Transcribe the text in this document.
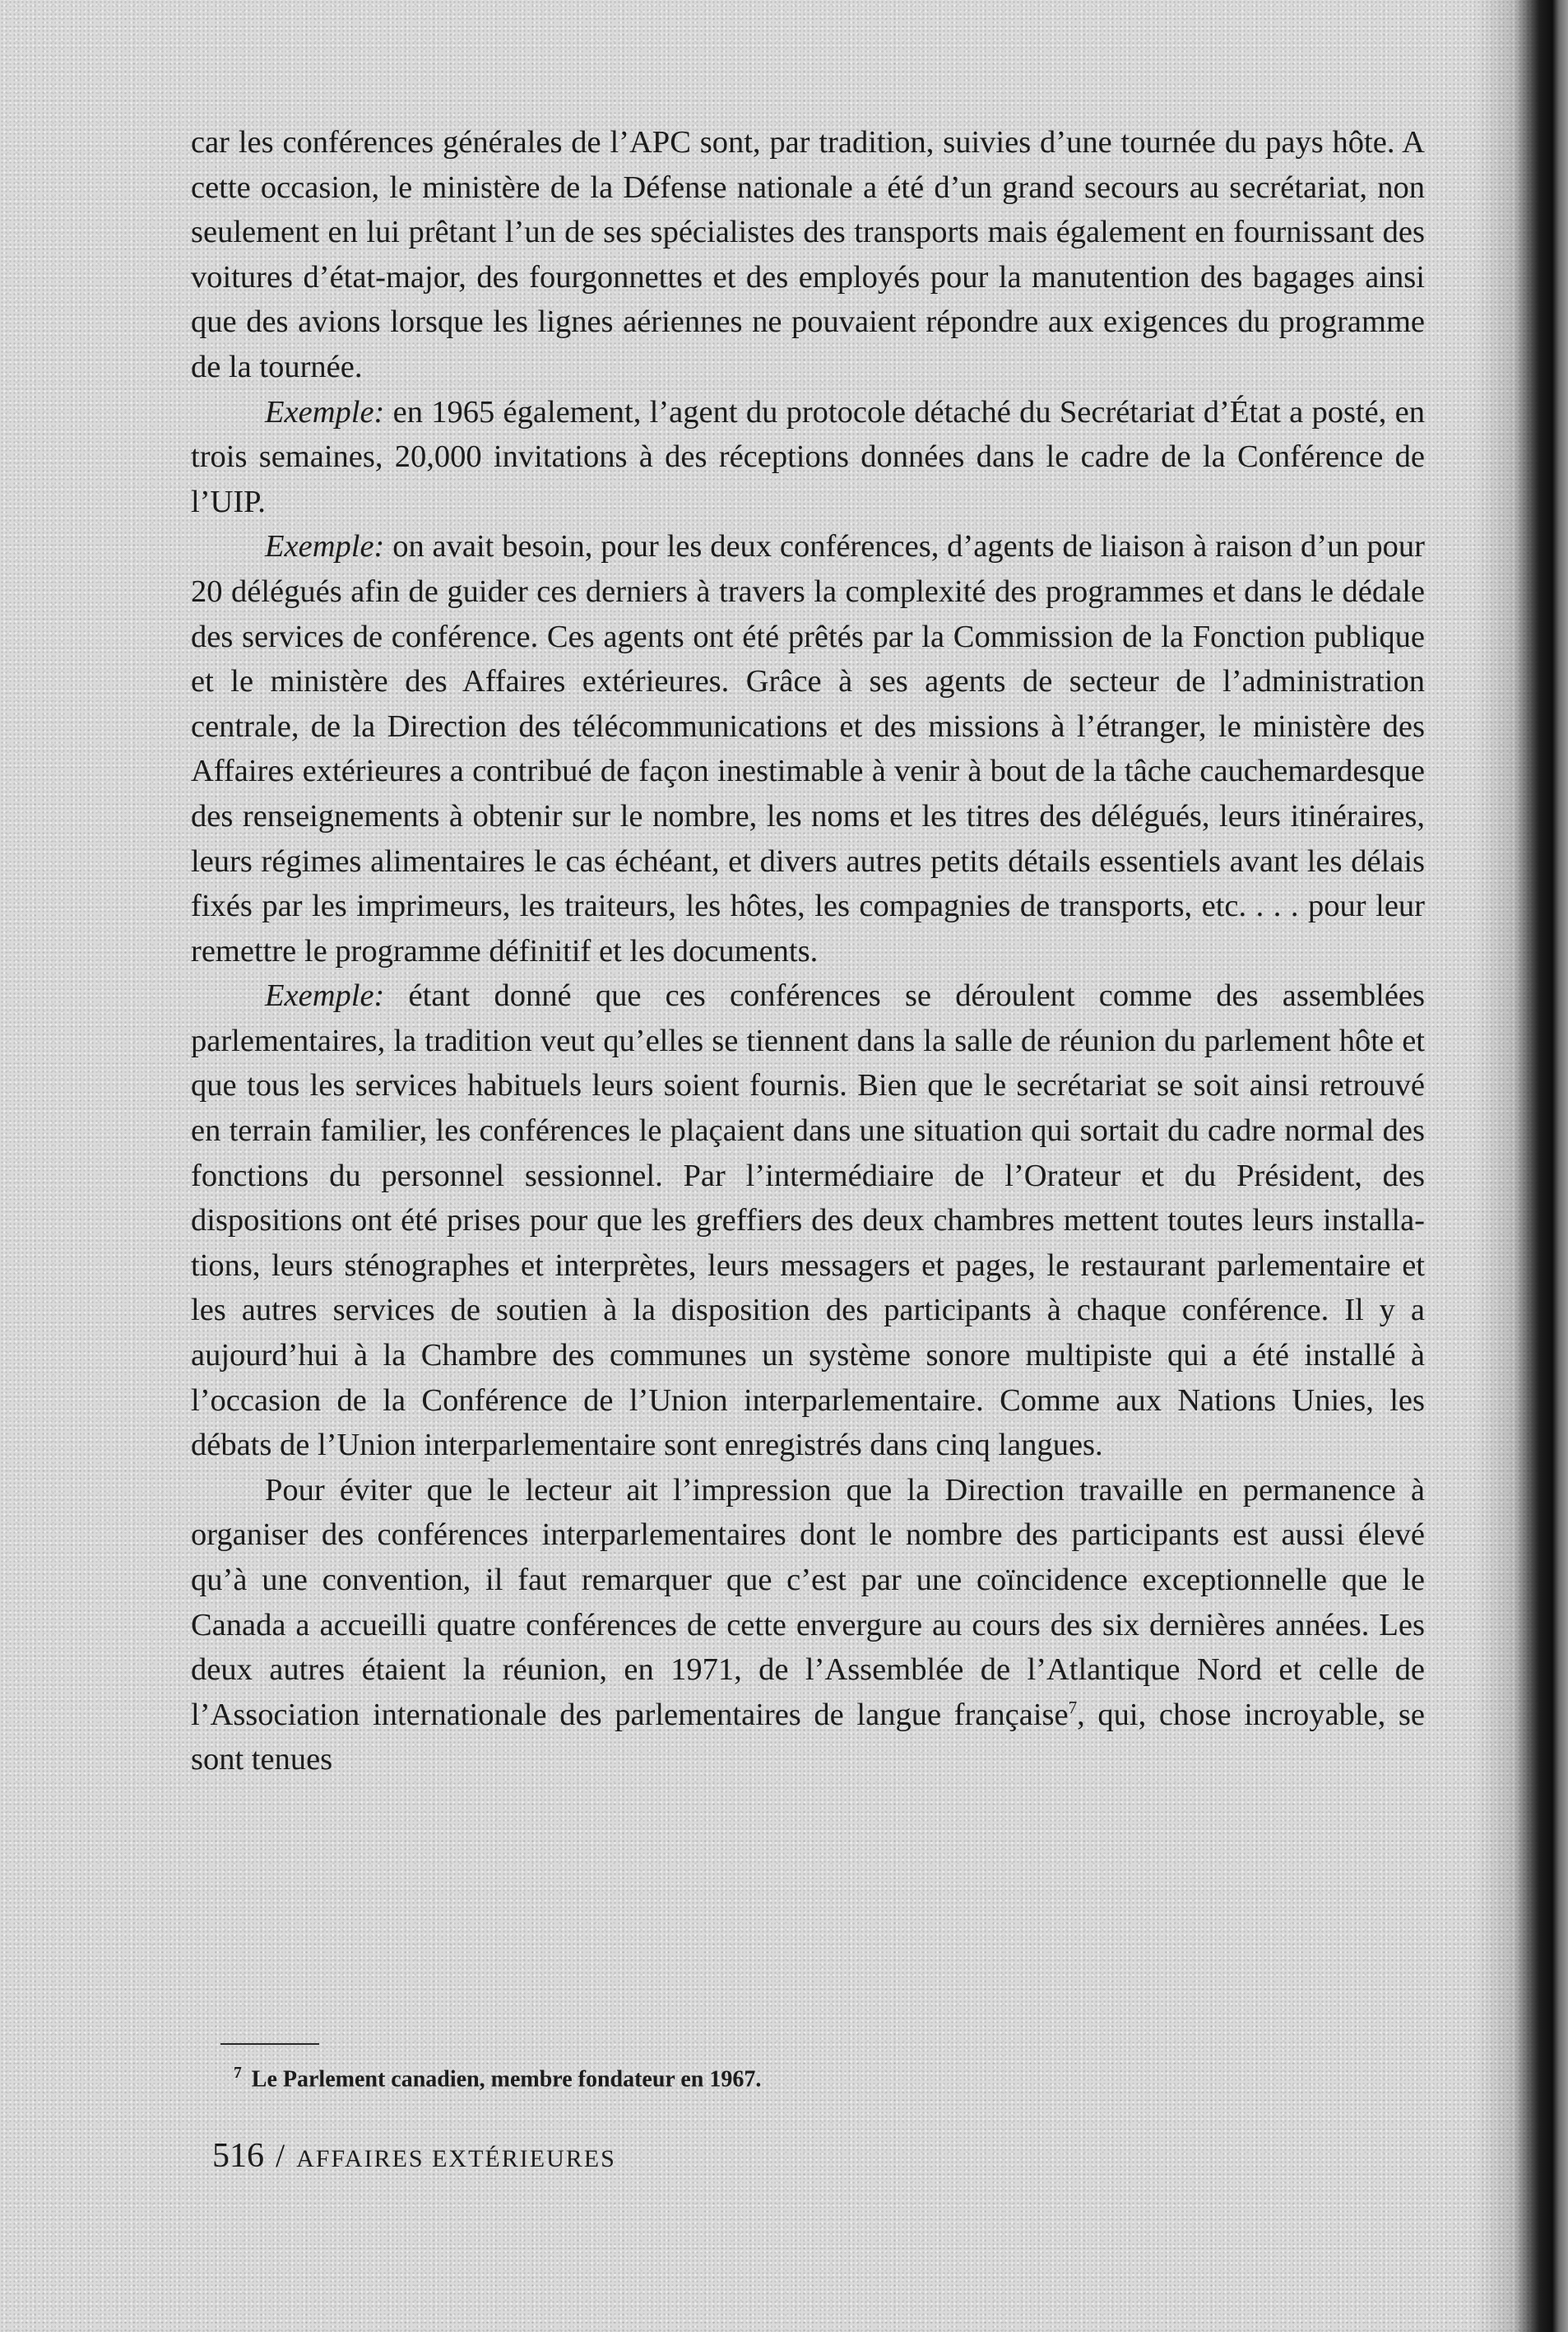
car les conférences générales de l’APC sont, par tradition, suivies d’une tournée du pays hôte. A cette occasion, le ministère de la Défense nationale a été d’un grand secours au secrétariat, non seulement en lui prêtant l’un de ses spécialistes des transports mais également en fournissant des voitures d’état-major, des fourgonnettes et des employés pour la manutention des bagages ainsi que des avions lorsque les lignes aériennes ne pouvaient répondre aux exigences du programme de la tournée.

Exemple: en 1965 également, l’agent du protocole détaché du Secrétariat d’État a posté, en trois semaines, 20,000 invitations à des réceptions données dans le cadre de la Conférence de l’UIP.

Exemple: on avait besoin, pour les deux conférences, d’agents de liaison à raison d’un pour 20 délégués afin de guider ces derniers à travers la complexité des programmes et dans le dédale des services de conférence. Ces agents ont été prêtés par la Commission de la Fonction publique et le ministère des Affaires extérieures. Grâce à ses agents de secteur de l’administration centrale, de la Direction des télécommunications et des missions à l’étranger, le ministère des Affaires extérieures a contribué de façon inestimable à venir à bout de la tâche cauchemardesque des renseignements à obtenir sur le nombre, les noms et les titres des délégués, leurs itinéraires, leurs régimes alimentaires le cas échéant, et divers autres petits détails essentiels avant les délais fixés par les imprimeurs, les traiteurs, les hôtes, les compagnies de transports, etc. . . . pour leur remettre le programme définitif et les documents.

Exemple: étant donné que ces conférences se déroulent comme des assemblées parlementaires, la tradition veut qu’elles se tiennent dans la salle de réunion du parlement hôte et que tous les services habituels leurs soient fournis. Bien que le secrétariat se soit ainsi retrouvé en terrain familier, les conférences le plaçaient dans une situation qui sortait du cadre normal des fonctions du personnel sessionnel. Par l’intermédiaire de l’Orateur et du Président, des dispositions ont été prises pour que les greffiers des deux chambres mettent toutes leurs installations, leurs sténographes et interprètes, leurs messagers et pages, le restaurant parlementaire et les autres services de soutien à la disposition des participants à chaque conférence. Il y a aujourd’hui à la Chambre des communes un système sonore multipiste qui a été installé à l’occasion de la Conférence de l’Union interparlementaire. Comme aux Nations Unies, les débats de l’Union interparlementaire sont enregistrés dans cinq langues.

Pour éviter que le lecteur ait l’impression que la Direction travaille en permanence à organiser des conférences interparlementaires dont le nombre des participants est aussi élevé qu’à une convention, il faut remarquer que c’est par une coïncidence exceptionnelle que le Canada a accueilli quatre conférences de cette envergure au cours des six dernières années. Les deux autres étaient la réunion, en 1971, de l’Assemblée de l’Atlantique Nord et celle de l’Association internationale des parlementaires de langue française$^7$, qui, chose incroyable, se sont tenues

$^7$ Le Parlement canadien, membre fondateur en 1967.
516 / AFFAIRES EXTÉRIEURES
